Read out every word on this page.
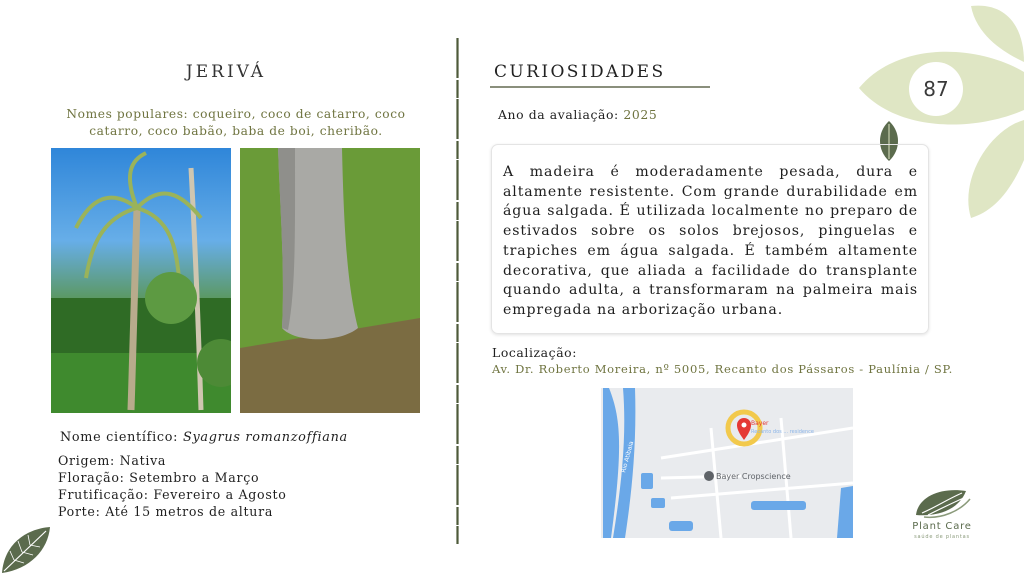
87
JERIVÁ
Nomes populares: coqueiro, coco de catarro, coco catarro, coco babão, baba de boi, cheribão.
Nome científico: Syagrus romanzoffiana
Origem: Nativa
Floração: Setembro a Março
Frutificação: Fevereiro a Agosto
Porte: Até 15 metros de altura
CURIOSIDADES
Ano da avaliação: 2025

A madeira é moderadamente pesada, dura e altamente resistente. Com grande durabilidade em água salgada. É utilizada localmente no preparo de estivados sobre os solos brejosos, pinguelas e trapiches em água salgada. É também altamente decorativa, que aliada a facilidade do transplante quando adulta, a transformaram na palmeira mais empregada na arborização urbana.

Localização:
Av. Dr. Roberto Moreira, nº 5005, Recanto dos Pássaros - Paulínia / SP.
Bayer Cropscience
Bayer
Recanto dos ... residence
Rio Atibaia
Plant Care
saúde de plantas
